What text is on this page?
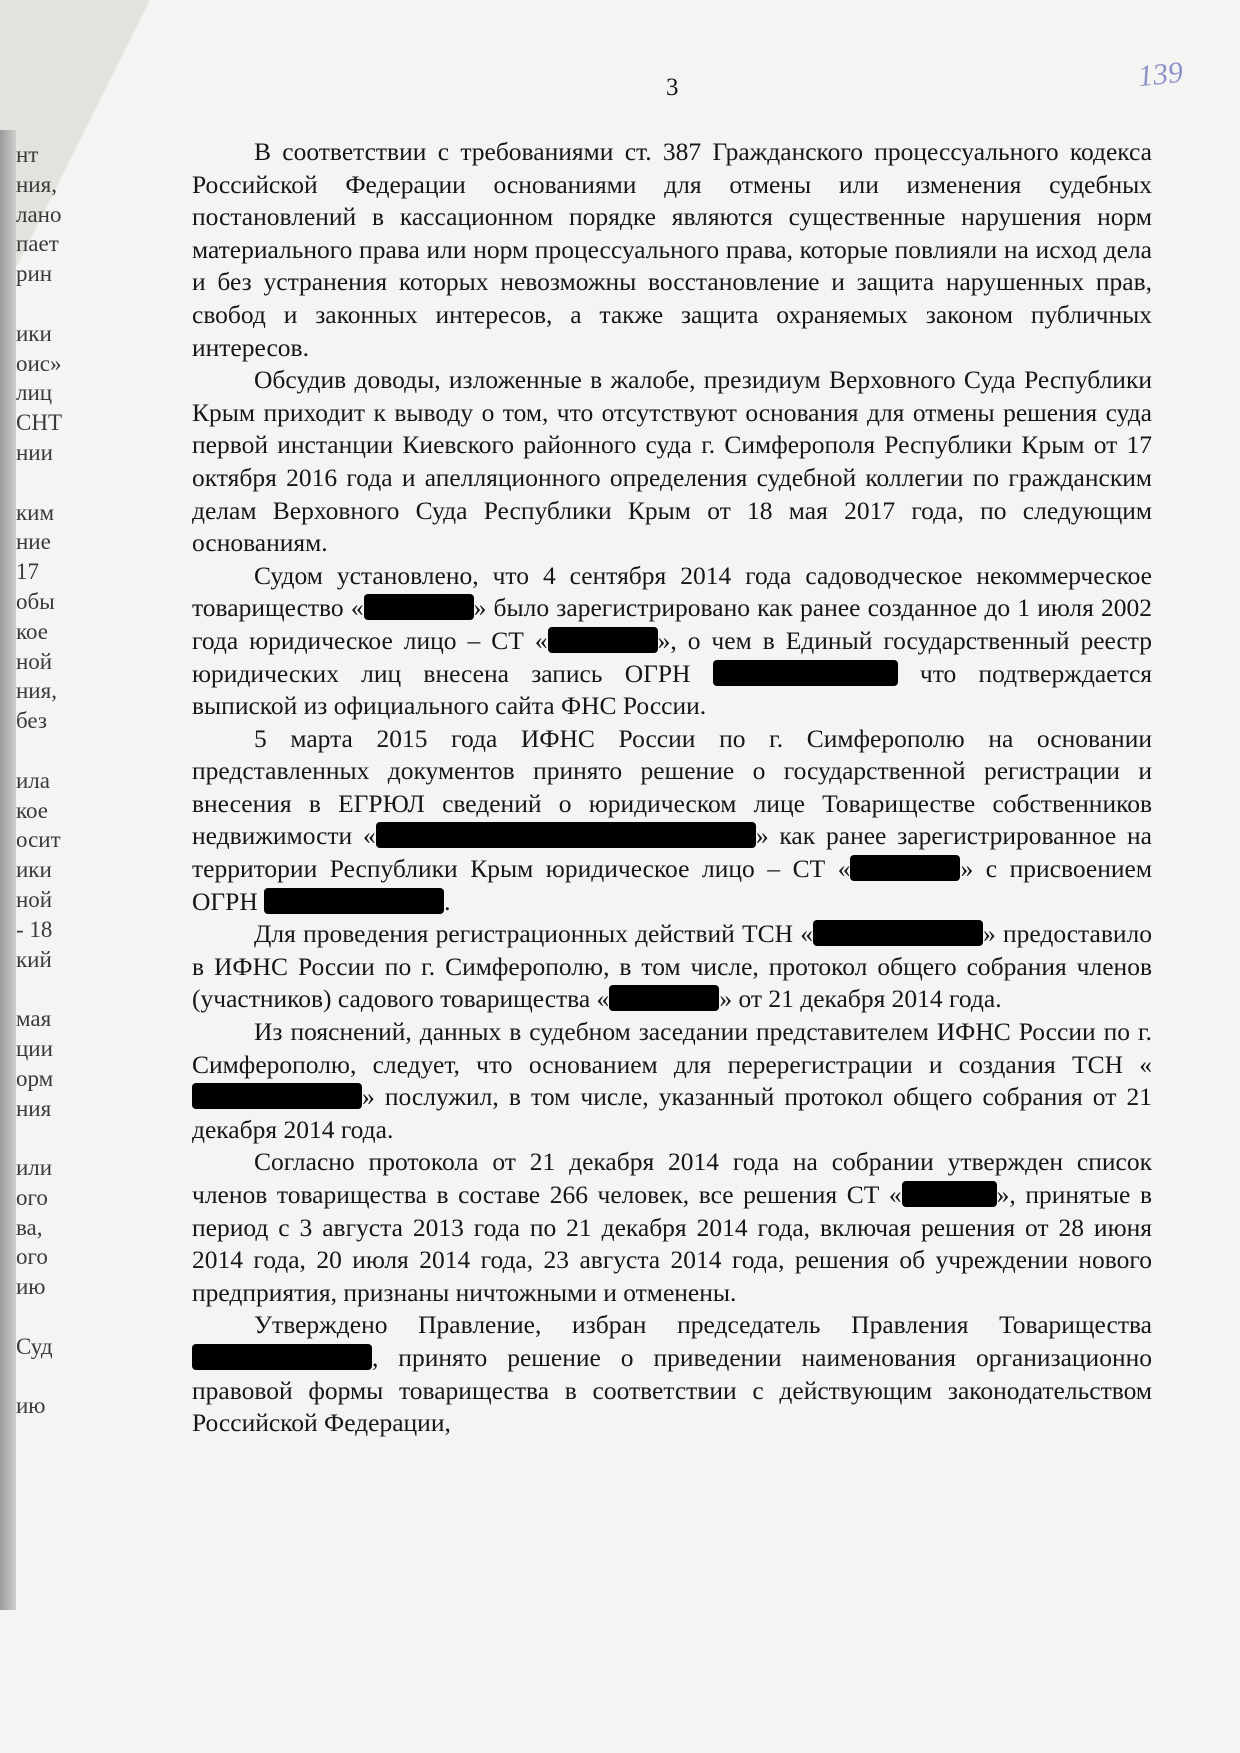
нт
ния,
лано
пает
рин
ики
оис»
лиц
СНТ
нии
ким
ние
17
обы
кое
ной
ния,
без
ила
кое
осит
ики
ной
- 18
кий
мая
ции
орм
ния
или
ого
ва,
ого
ию
Суд
ию
3	139

В соответствии с требованиями ст. 387 Гражданского процессуального кодекса Российской Федерации основаниями для отмены или изменения судебных постановлений в кассационном порядке являются существенные нарушения норм материального права или норм процессуального права, которые повлияли на исход дела и без устранения которых невозможны восстановление и защита нарушенных прав, свобод и законных интересов, а также защита охраняемых законом публичных интересов.

Обсудив доводы, изложенные в жалобе, президиум Верховного Суда Республики Крым приходит к выводу о том, что отсутствуют основания для отмены решения суда первой инстанции Киевского районного суда г. Симферополя Республики Крым от 17 октября 2016 года и апелляционного определения судебной коллегии по гражданским делам Верховного Суда Республики Крым от 18 мая 2017 года, по следующим основаниям.

Судом установлено, что 4 сентября 2014 года садоводческое некоммерческое товарищество «	» было зарегистрировано как ранее созданное до 1 июля 2002 года юридическое лицо – СТ «	», о чем в Единый государственный реестр юридических лиц внесена запись ОГРН	что подтверждается выпиской из официального сайта ФНС России.

5 марта 2015 года ИФНС России по г. Симферополю на основании представленных документов принято решение о государственной регистрации и внесения в ЕГРЮЛ сведений о юридическом лице Товариществе собственников недвижимости «	» как ранее зарегистрированное на территории Республики Крым юридическое лицо – СТ «	» с присвоением ОГРН	.

Для проведения регистрационных действий ТСН «	» предоставило в ИФНС России по г. Симферополю, в том числе, протокол общего собрания членов (участников) садового товарищества «	» от 21 декабря 2014 года.

Из пояснений, данных в судебном заседании представителем ИФНС России по г. Симферополю, следует, что основанием для перерегистрации и создания ТСН «» послужил, в том числе, указанный протокол общего собрания от 21 декабря 2014 года.

Согласно протокола от 21 декабря 2014 года на собрании утвержден список членов товарищества в составе 266 человек, все решения СТ «	», принятые в период с 3 августа 2013 года по 21 декабря 2014 года, включая решения от 28 июня 2014 года, 20 июля 2014 года, 23 августа 2014 года, решения об учреждении нового предприятия, признаны ничтожными и отменены.

Утверждено Правление, избран председатель Правления Товарищества , принято решение о приведении наименования организационно правовой формы товарищества в соответствии с действующим законодательством Российской Федерации,
